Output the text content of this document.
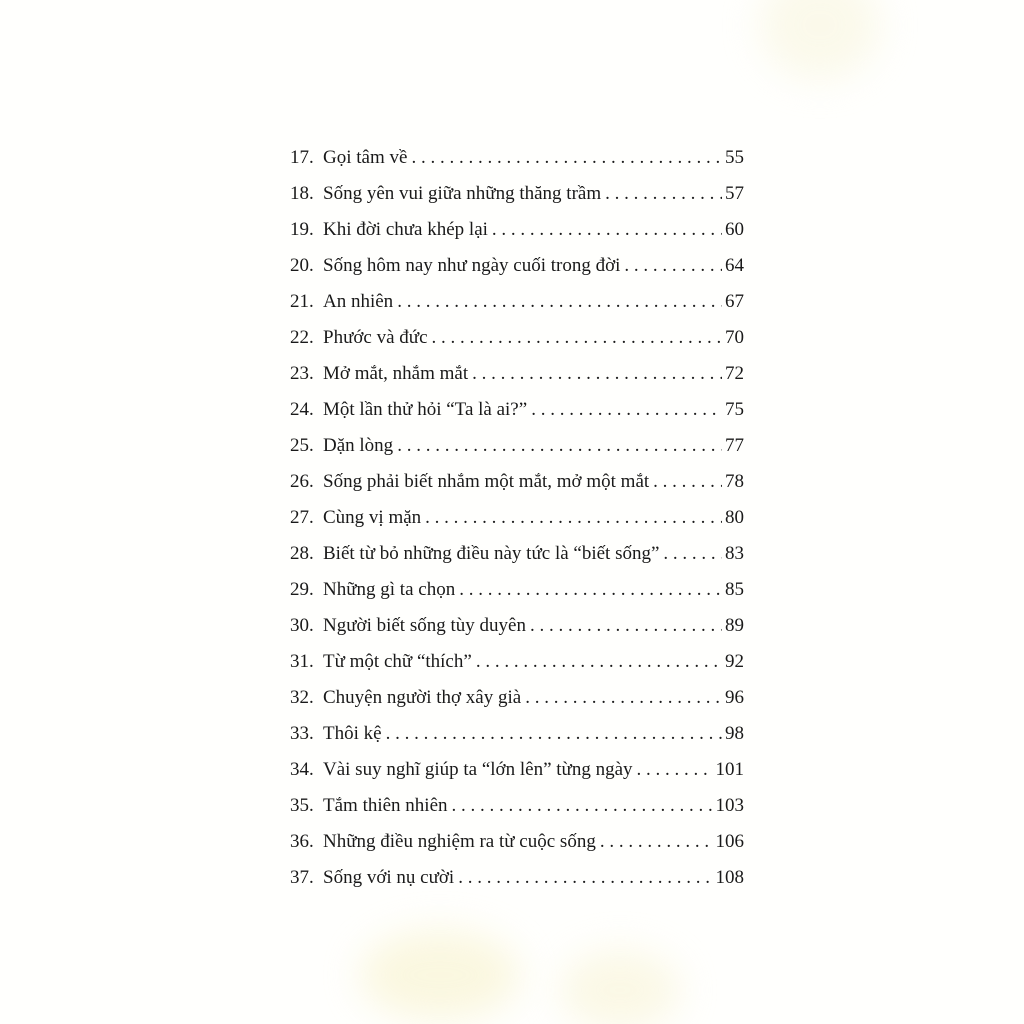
17. Gọi tâm về . . .	55
18. Sống yên vui giữa những thăng trầm . . .	57
19. Khi đời chưa khép lại . . .	60
20. Sống hôm nay như ngày cuối trong đời . . .	64
21. An nhiên . . .	67
22. Phước và đức . . .	70
23. Mở mắt, nhắm mắt . . .	72
24. Một lần thử hỏi “Ta là ai?” . . .	75
25. Dặn lòng . . .	77
26. Sống phải biết nhắm một mắt, mở một mắt . . .	78
27. Cùng vị mặn . . .	80
28. Biết từ bỏ những điều này tức là “biết sống” . . .	83
29. Những gì ta chọn . . .	85
30. Người biết sống tùy duyên . . .	89
31. Từ một chữ “thích” . . .	92
32. Chuyện người thợ xây già . . .	96
33. Thôi kệ . . .	98
34. Vài suy nghĩ giúp ta “lớn lên” từng ngày . . .	101
35. Tắm thiên nhiên . . .	103
36. Những điều nghiệm ra từ cuộc sống . . .	106
37. Sống với nụ cười . . .	108
